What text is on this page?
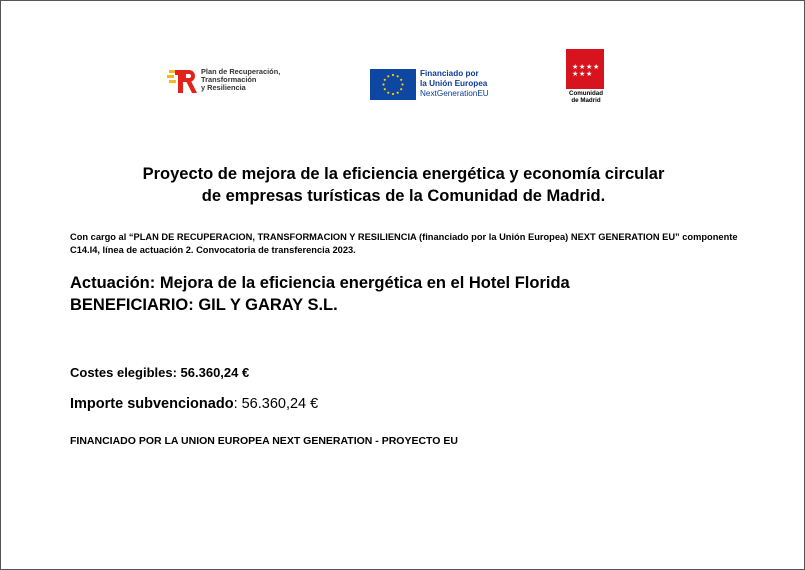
Plan de Recuperación,
Transformación
y Resiliencia
Financiado por
la Unión Europea
NextGenerationEU
★ ★ ★ ★
★ ★ ★
Comunidad
de Madrid
Proyecto de mejora de la eficiencia energética y economía circular
de empresas turísticas de la Comunidad de Madrid.
Con cargo al “PLAN DE RECUPERACION, TRANSFORMACION Y RESILIENCIA (financiado por la Unión Europea) NEXT GENERATION EU” componente C14.I4, línea de actuación 2. Convocatoria de transferencia 2023.
Actuación: Mejora de la eficiencia energética en el Hotel Florida
BENEFICIARIO: GIL Y GARAY S.L.
Costes elegibles: 56.360,24 €
Importe subvencionado: 56.360,24 €
FINANCIADO POR LA UNION EUROPEA NEXT GENERATION - PROYECTO EU
